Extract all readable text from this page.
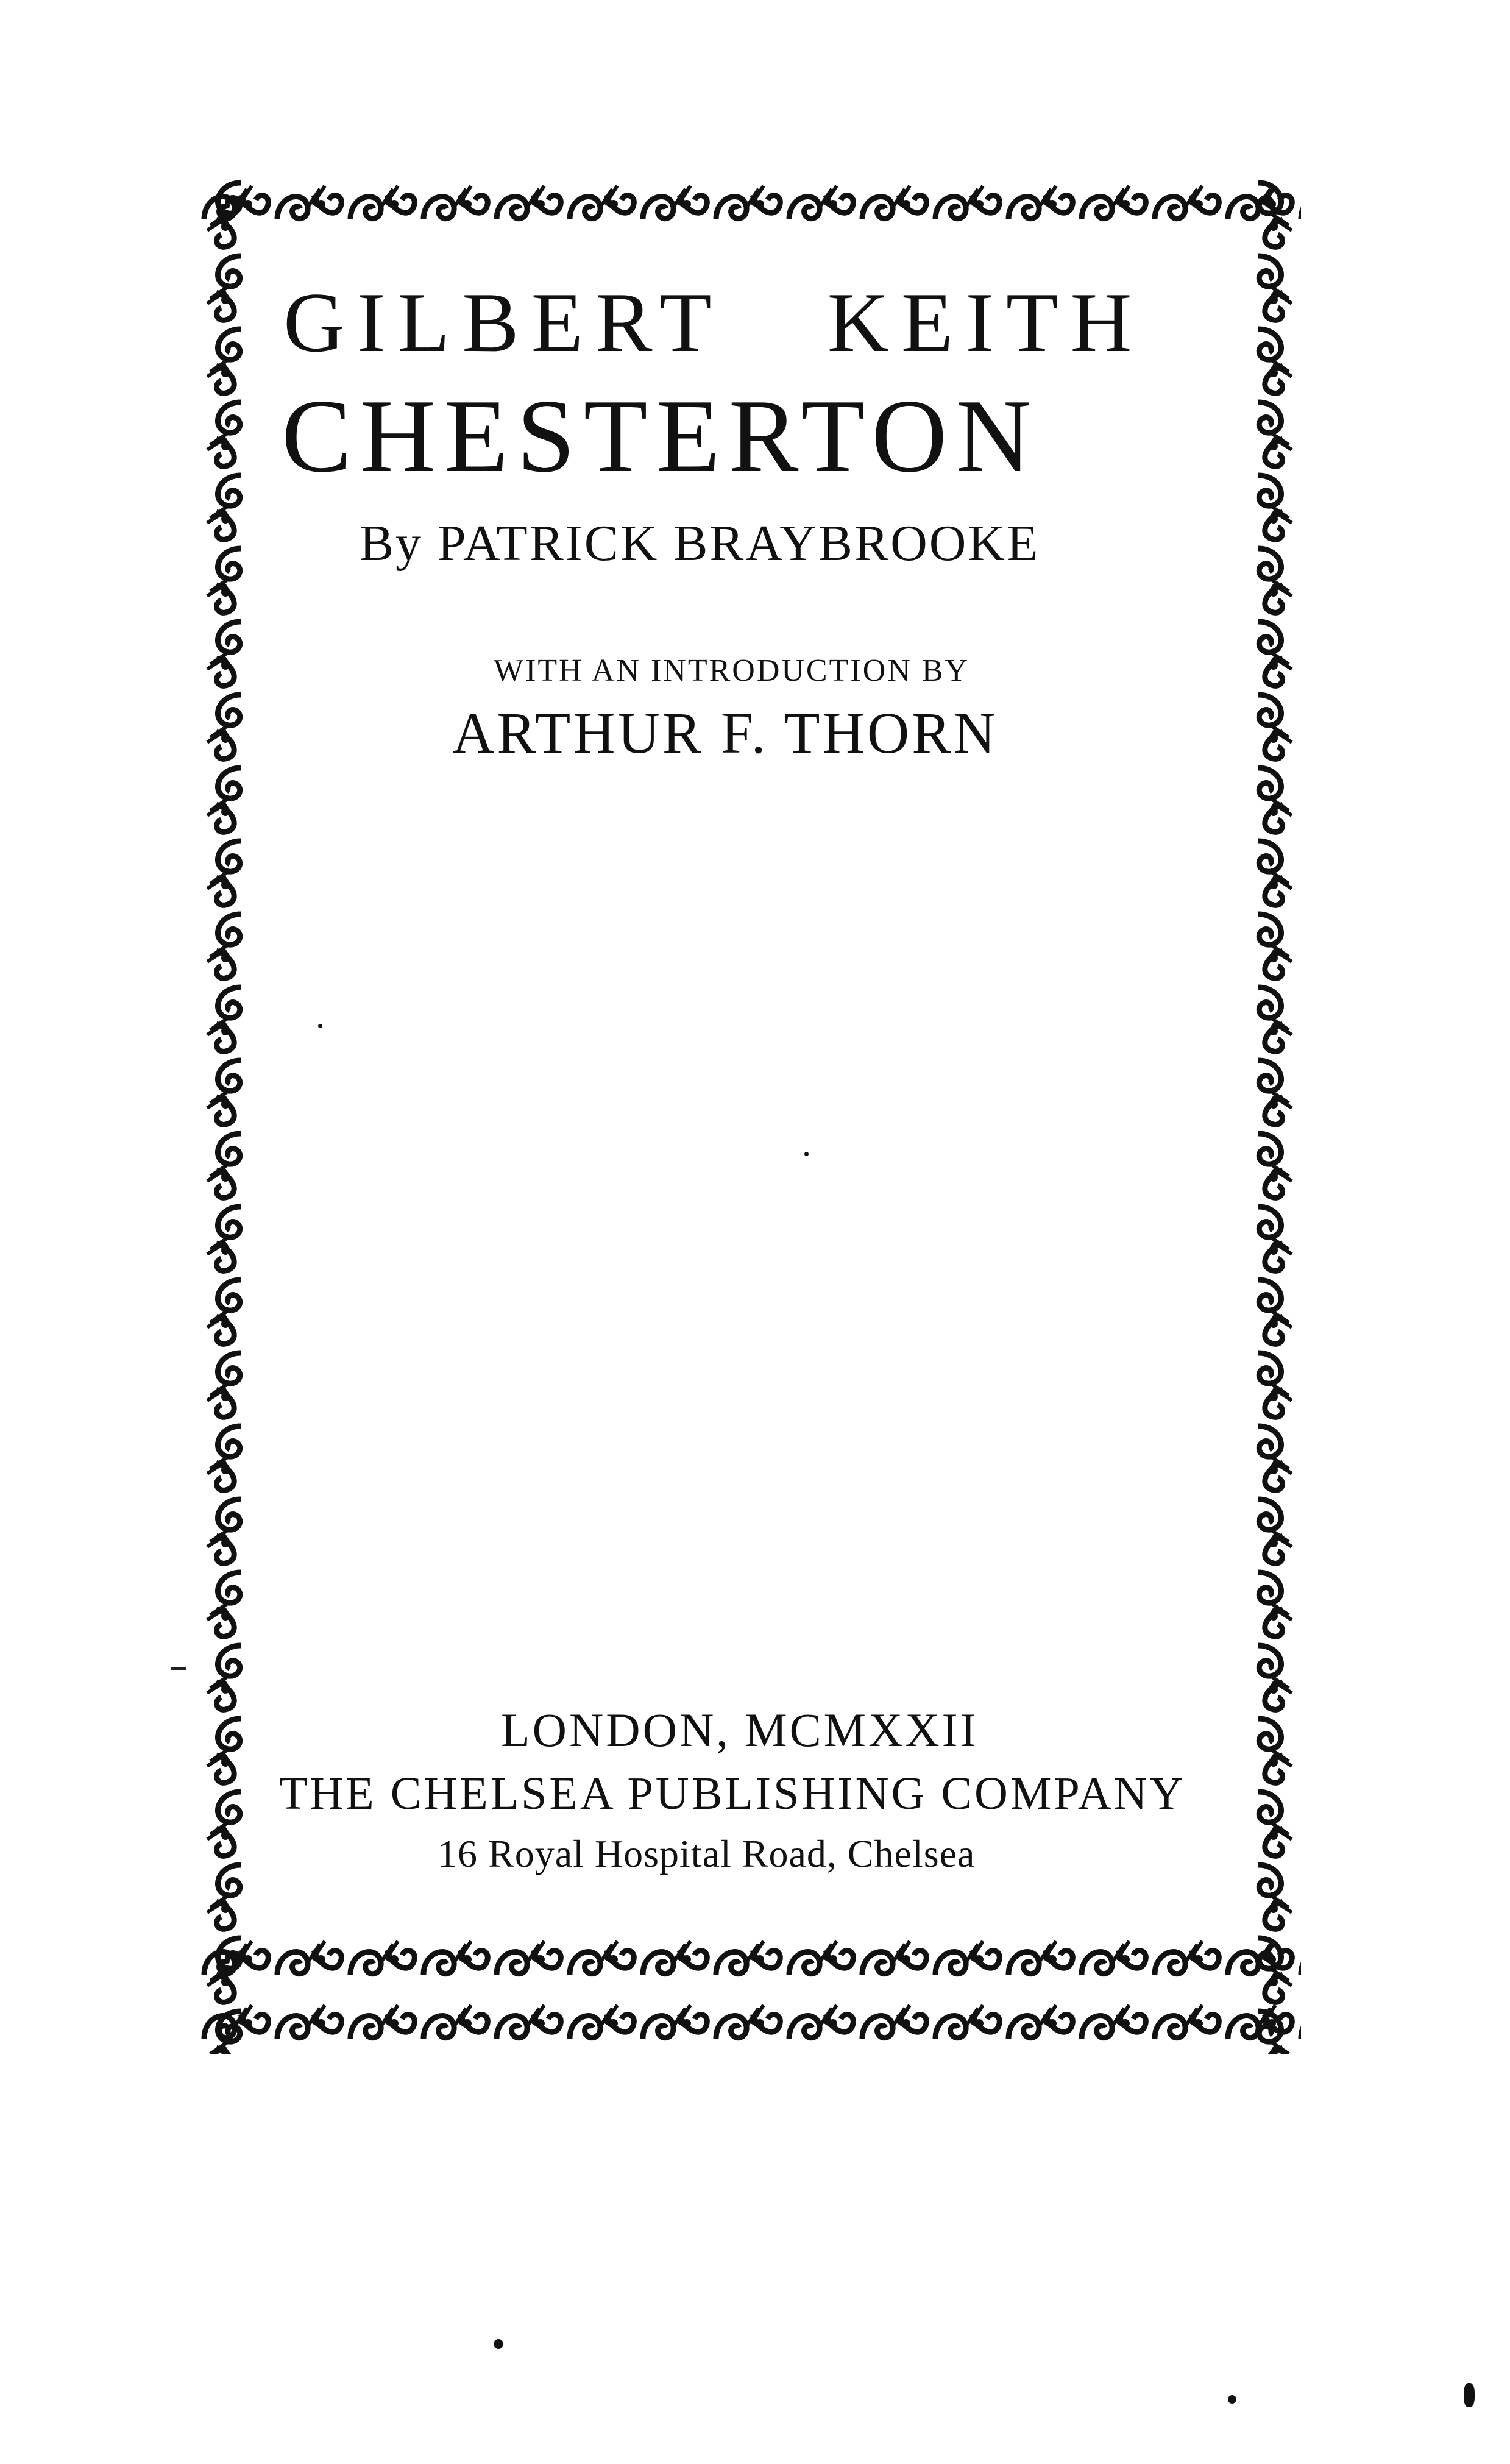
GILBERT KEITH
CHESTERTON
By PATRICK BRAYBROOKE
WITH AN INTRODUCTION BY
ARTHUR F. THORN
LONDON, MCMXXII
THE CHELSEA PUBLISHING COMPANY
16 Royal Hospital Road, Chelsea
